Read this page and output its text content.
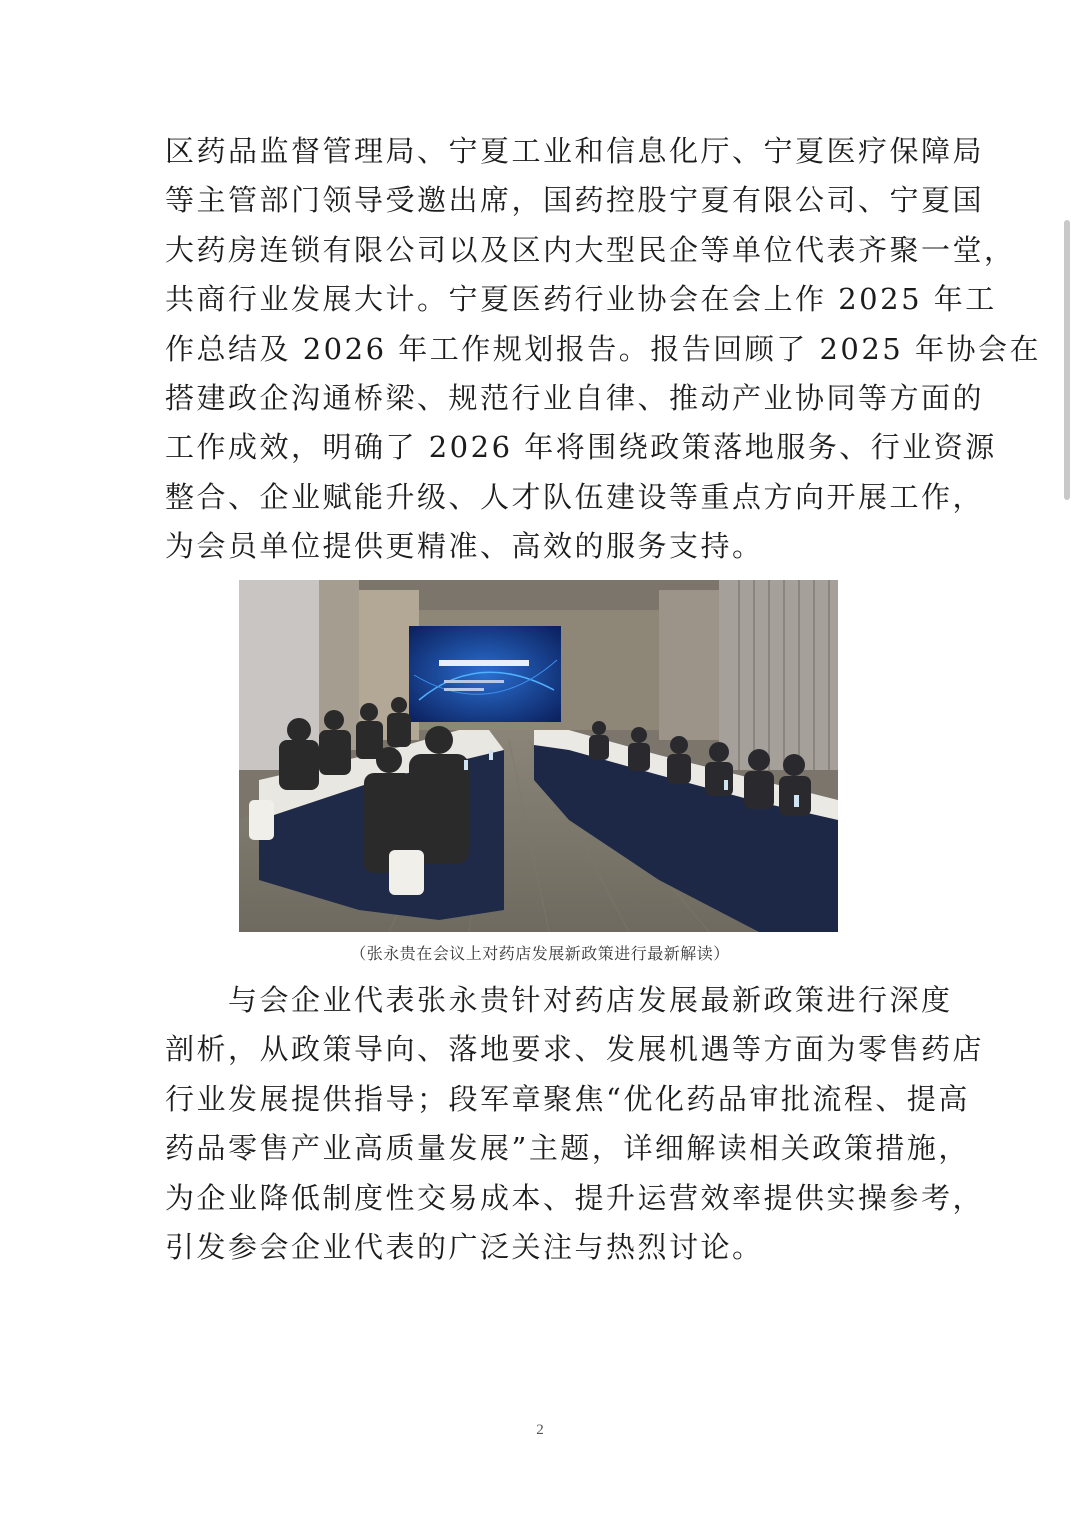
区药品监督管理局、宁夏工业和信息化厅、宁夏医疗保障局
等主管部门领导受邀出席，国药控股宁夏有限公司、宁夏国
大药房连锁有限公司以及区内大型民企等单位代表齐聚一堂，
共商行业发展大计。宁夏医药行业协会在会上作 2025 年工
作总结及 2026 年工作规划报告。报告回顾了 2025 年协会在
搭建政企沟通桥梁、规范行业自律、推动产业协同等方面的
工作成效，明确了 2026 年将围绕政策落地服务、行业资源
整合、企业赋能升级、人才队伍建设等重点方向开展工作，
为会员单位提供更精准、高效的服务支持。
（张永贵在会议上对药店发展新政策进行最新解读）
　　与会企业代表张永贵针对药店发展最新政策进行深度
剖析，从政策导向、落地要求、发展机遇等方面为零售药店
行业发展提供指导；段军章聚焦“优化药品审批流程、提高
药品零售产业高质量发展”主题，详细解读相关政策措施，
为企业降低制度性交易成本、提升运营效率提供实操参考，
引发参会企业代表的广泛关注与热烈讨论。
2
